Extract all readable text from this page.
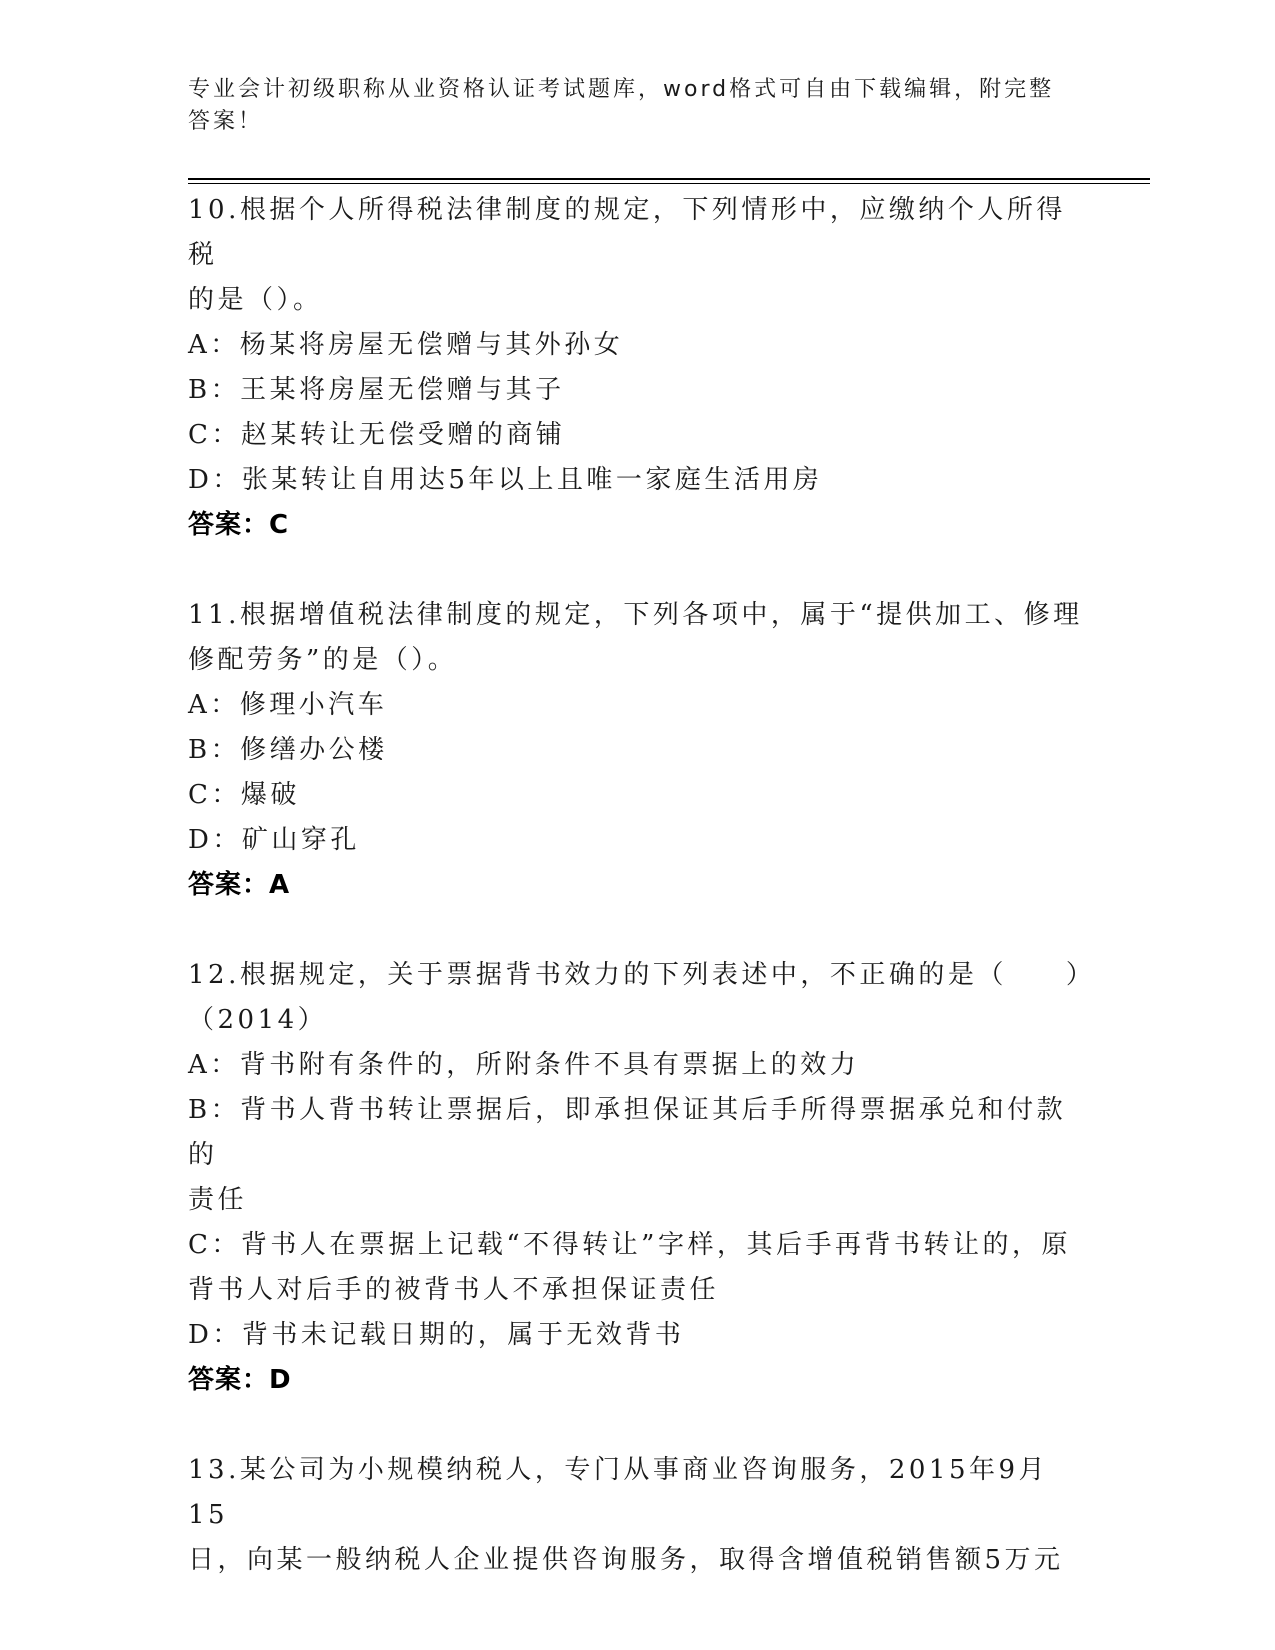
专业会计初级职称从业资格认证考试题库，word格式可自由下载编辑，附完整答案！
10.根据个人所得税法律制度的规定，下列情形中，应缴纳个人所得税
的是（）。
A：杨某将房屋无偿赠与其外孙女
B：王某将房屋无偿赠与其子
C：赵某转让无偿受赠的商铺
D：张某转让自用达5年以上且唯一家庭生活用房
答案：C
11.根据增值税法律制度的规定，下列各项中，属于“提供加工、修理
修配劳务”的是（）。
A：修理小汽车
B：修缮办公楼
C：爆破
D：矿山穿孔
答案：A
12.根据规定，关于票据背书效力的下列表述中，不正确的是（　　）
（2014）
A：背书附有条件的，所附条件不具有票据上的效力
B：背书人背书转让票据后，即承担保证其后手所得票据承兑和付款的
责任
C：背书人在票据上记载“不得转让”字样，其后手再背书转让的，原
背书人对后手的被背书人不承担保证责任
D：背书未记载日期的，属于无效背书
答案：D
13.某公司为小规模纳税人，专门从事商业咨询服务，2015年9月15
日，向某一般纳税人企业提供咨询服务，取得含增值税销售额5万元
